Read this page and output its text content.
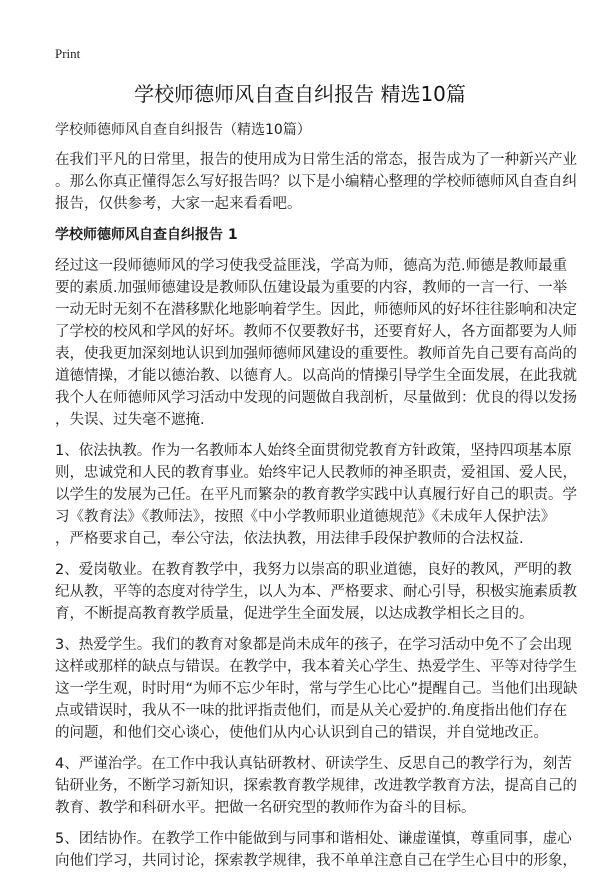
Print
学校师德师风自查自纠报告 精选10篇
学校师德师风自查自纠报告（精选10篇）
在我们平凡的日常里，报告的使用成为日常生活的常态，报告成为了一种新兴产业
。那么你真正懂得怎么写好报告吗？以下是小编精心整理的学校师德师风自查自纠
报告，仅供参考，大家一起来看看吧。
学校师德师风自查自纠报告 1
经过这一段师德师风的学习使我受益匪浅，学高为师，德高为范.师德是教师最重
要的素质.加强师德建设是教师队伍建设最为重要的内容，教师的一言一行、一举
一动无时无刻不在潜移默化地影响着学生。因此，师德师风的好坏往往影响和决定
了学校的校风和学风的好坏。教师不仅要教好书，还要育好人，各方面都要为人师
表，使我更加深刻地认识到加强师德师风建设的重要性。教师首先自己要有高尚的
道德情操，才能以德治教、以德育人。以高尚的情操引导学生全面发展，在此我就
我个人在师德师风学习活动中发现的问题做自我剖析，尽量做到：优良的得以发扬
，失误、过失毫不遮掩.
1、依法执教。作为一名教师本人始终全面贯彻党教育方针政策，坚持四项基本原
则，忠诚党和人民的教育事业。始终牢记人民教师的神圣职责，爱祖国、爱人民，
以学生的发展为己任。在平凡而繁杂的教育教学实践中认真履行好自己的职责。学
习《教育法》《教师法》，按照《中小学教师职业道德规范》《未成年人保护法》
，严格要求自己，奉公守法，依法执教，用法律手段保护教师的合法权益.
2、爱岗敬业。在教育教学中，我努力以崇高的职业道德，良好的教风，严明的教
纪从教，平等的态度对待学生，以人为本、严格要求、耐心引导，积极实施素质教
育，不断提高教育教学质量，促进学生全面发展，以达成教学相长之目的。
3、热爱学生。我们的教育对象都是尚未成年的孩子，在学习活动中免不了会出现
这样或那样的缺点与错误。在教学中，我本着关心学生、热爱学生、平等对待学生
这一学生观，时时用“为师不忘少年时，常与学生心比心”提醒自己。当他们出现缺
点或错误时，我从不一味的批评指责他们，而是从关心爱护的.角度指出他们存在
的问题，和他们交心谈心，使他们从内心认识到自己的错误，并自觉地改正。
4、严谨治学。在工作中我认真钻研教材、研读学生、反思自己的教学行为，刻苦
钻研业务，不断学习新知识，探索教育教学规律，改进教学教育方法，提高自己的
教育、教学和科研水平。把做一名研究型的教师作为奋斗的目标。
5、团结协作。在教学工作中能做到与同事和谐相处、谦虚谨慎，尊重同事，虚心
向他们学习，共同讨论，探索教学规律，我不单单注意自己在学生心目中的形象，
